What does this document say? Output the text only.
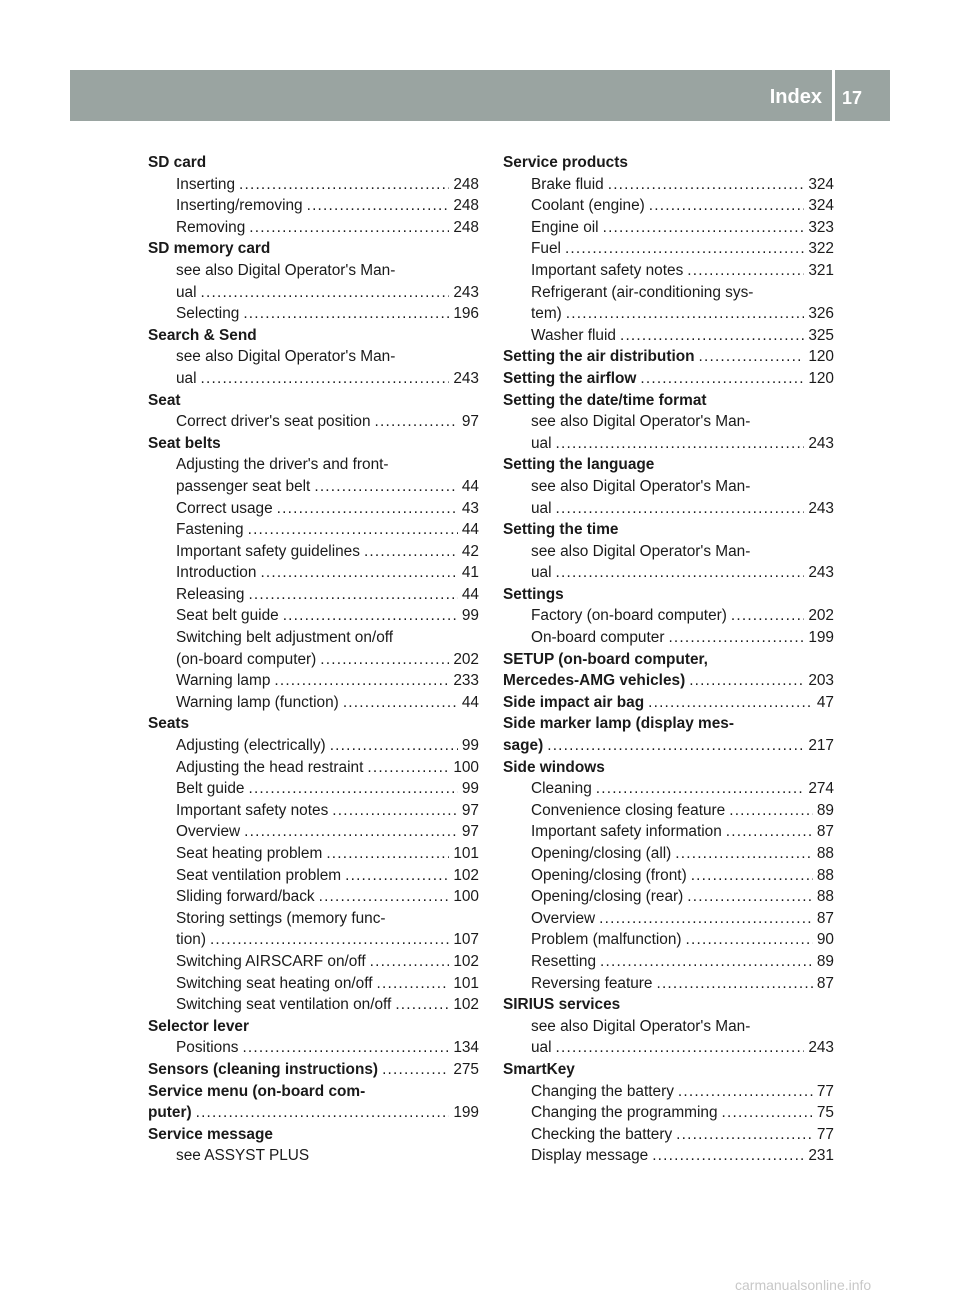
Index 17
SD card
Inserting .....	248
Inserting/removing .....	248
Removing .....	248
SD memory card
see also Digital Operator's Man-
ual .....	243
Selecting .....	196
Search & Send
see also Digital Operator's Man-
ual .....	243
Seat
Correct driver's seat position .....	97
Seat belts
Adjusting the driver's and front-
passenger seat belt .....	44
Correct usage .....	43
Fastening .....	44
Important safety guidelines .....	42
Introduction .....	41
Releasing .....	44
Seat belt guide .....	99
Switching belt adjustment on/off
(on-board computer) .....	202
Warning lamp .....	233
Warning lamp (function) .....	44
Seats
Adjusting (electrically) .....	99
Adjusting the head restraint .....	100
Belt guide .....	99
Important safety notes .....	97
Overview .....	97
Seat heating problem .....	101
Seat ventilation problem .....	102
Sliding forward/back .....	100
Storing settings (memory func-
tion) .....	107
Switching AIRSCARF on/off .....	102
Switching seat heating on/off .....	101
Switching seat ventilation on/off .....	102
Selector lever
Positions .....	134
Sensors (cleaning instructions) .....	275
Service menu (on-board com-
puter) .....	199
Service message
see ASSYST PLUS
Service products
Brake fluid .....	324
Coolant (engine) .....	324
Engine oil .....	323
Fuel .....	322
Important safety notes .....	321
Refrigerant (air-conditioning sys-
tem) .....	326
Washer fluid .....	325
Setting the air distribution .....	120
Setting the airflow .....	120
Setting the date/time format
see also Digital Operator's Man-
ual .....	243
Setting the language
see also Digital Operator's Man-
ual .....	243
Setting the time
see also Digital Operator's Man-
ual .....	243
Settings
Factory (on-board computer) .....	202
On-board computer .....	199
SETUP (on-board computer,
Mercedes-AMG vehicles) .....	203
Side impact air bag .....	47
Side marker lamp (display mes-
sage) .....	217
Side windows
Cleaning .....	274
Convenience closing feature .....	89
Important safety information .....	87
Opening/closing (all) .....	88
Opening/closing (front) .....	88
Opening/closing (rear) .....	88
Overview .....	87
Problem (malfunction) .....	90
Resetting .....	89
Reversing feature .....	87
SIRIUS services
see also Digital Operator's Man-
ual .....	243
SmartKey
Changing the battery .....	77
Changing the programming .....	75
Checking the battery .....	77
Display message .....	231
carmanualsonline.info
